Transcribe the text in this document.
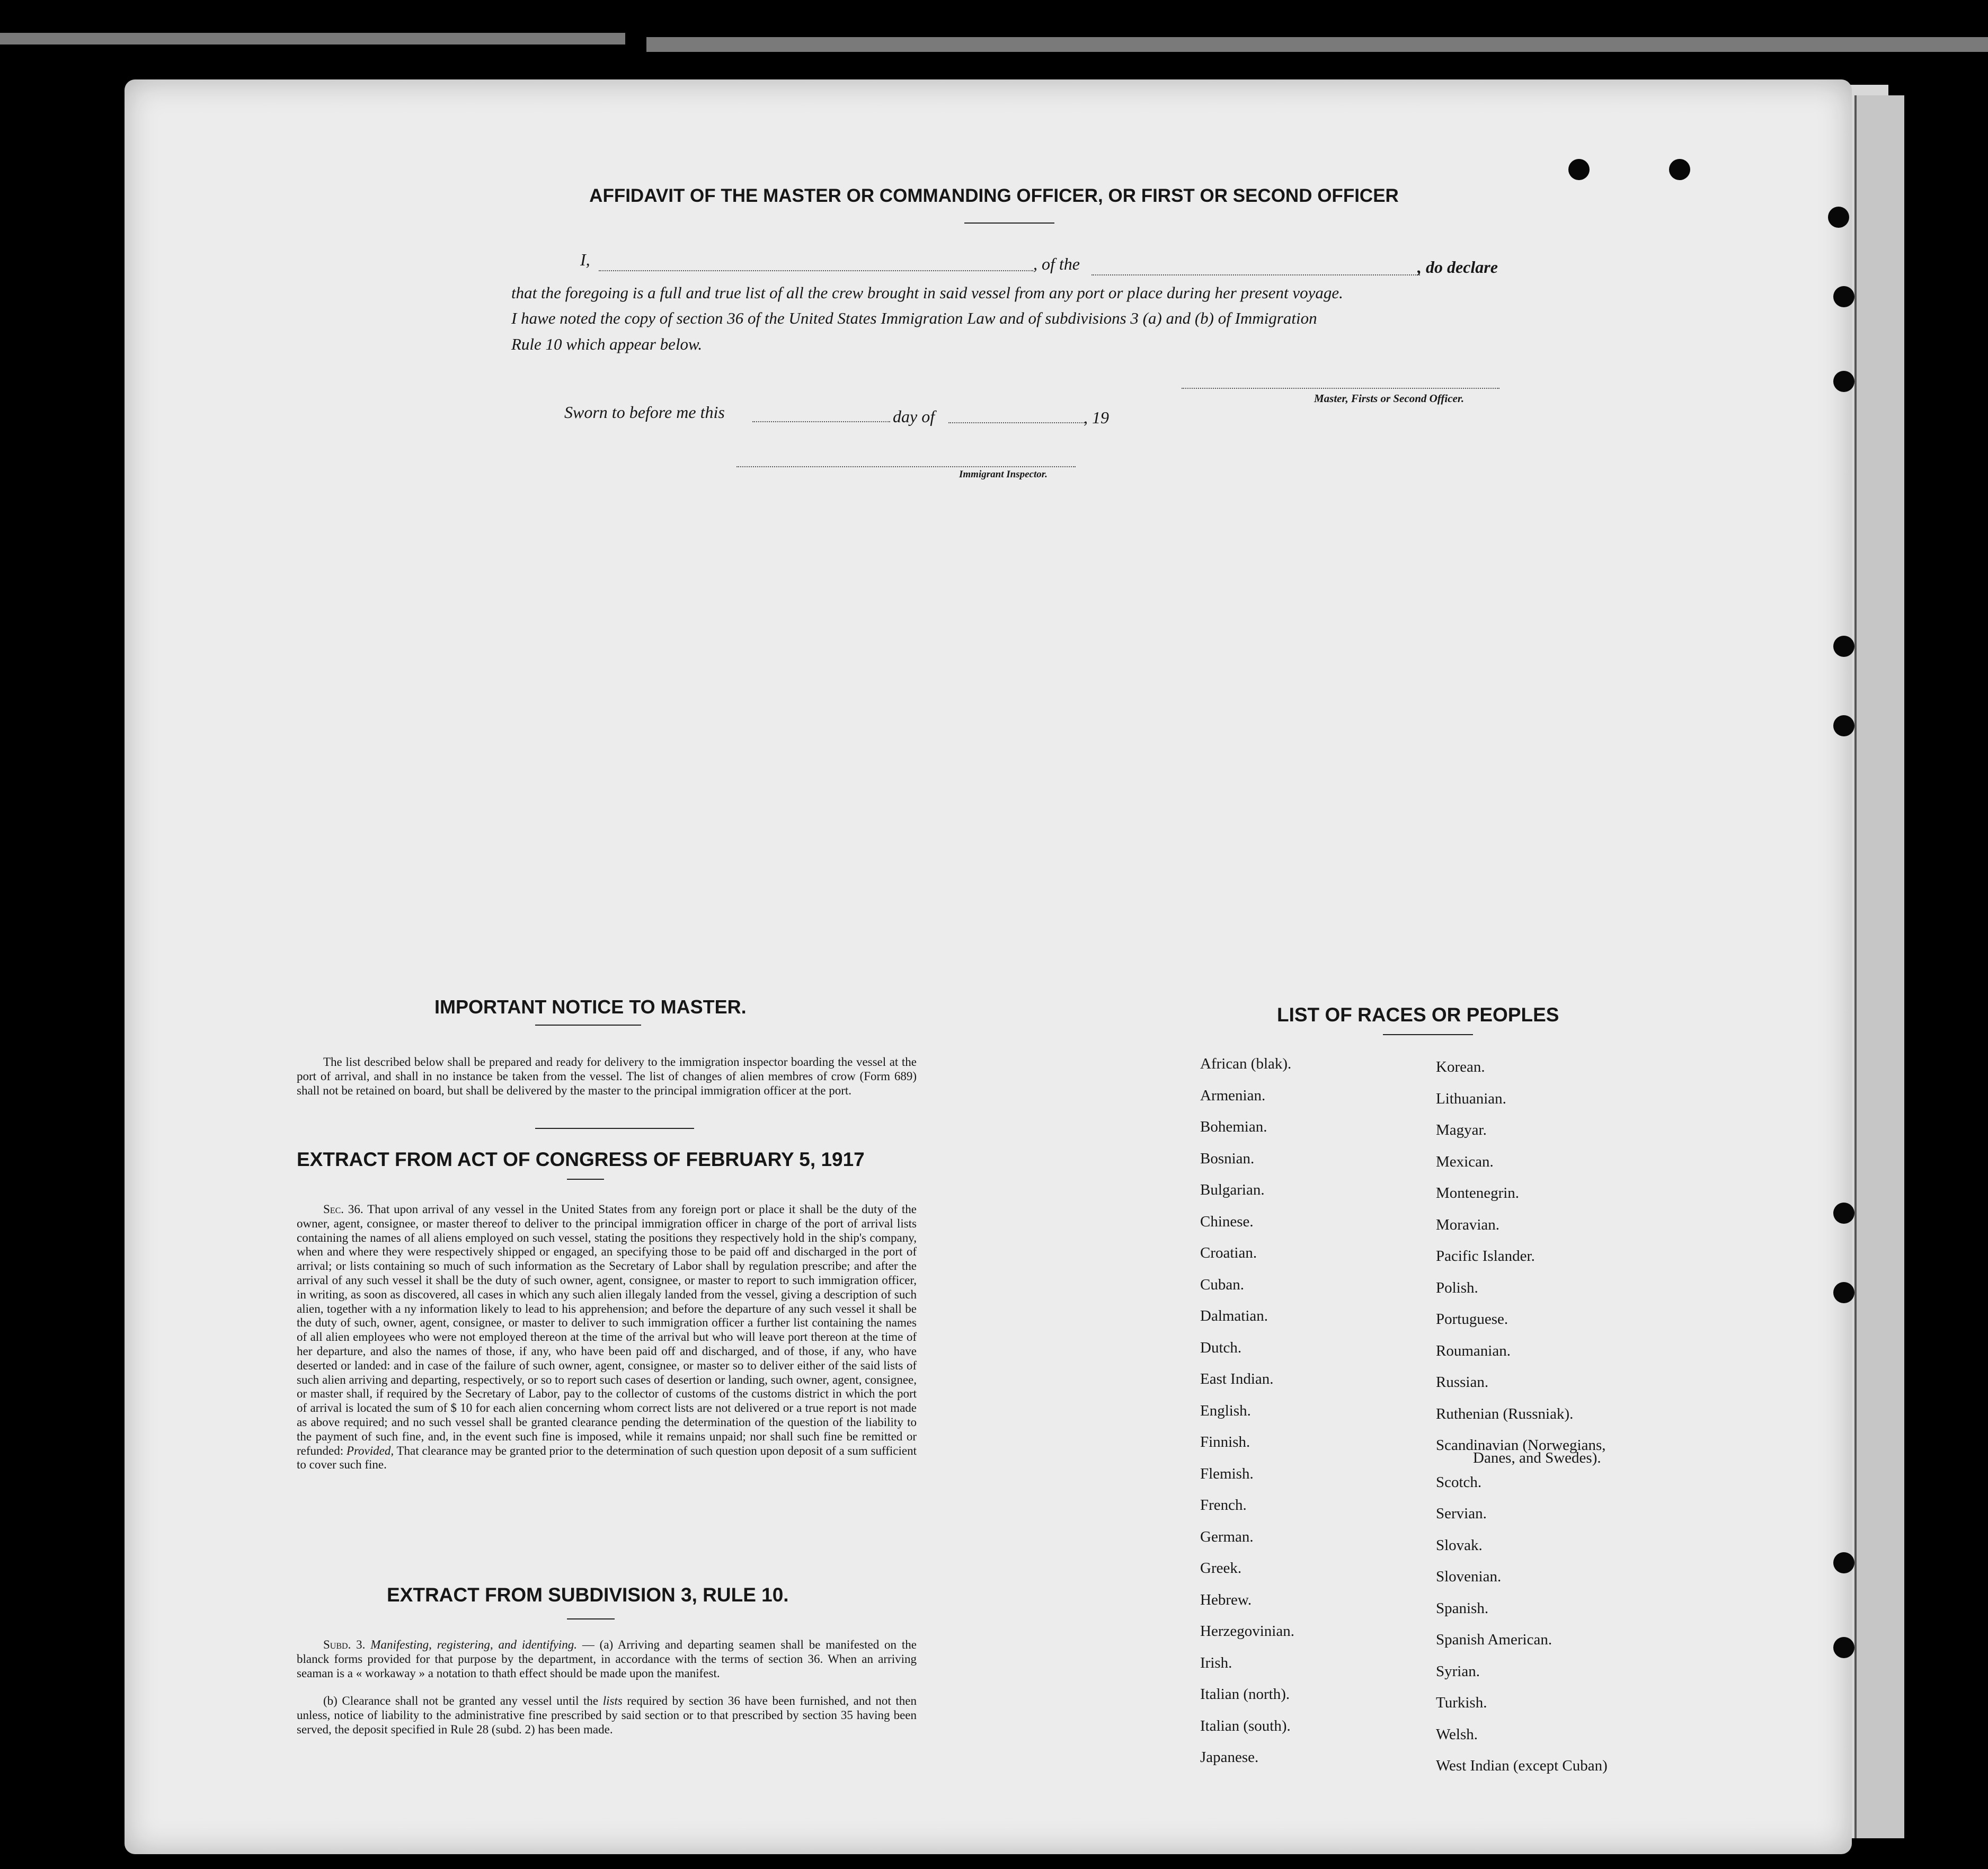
AFFIDAVIT OF THE MASTER OR COMMANDING OFFICER, OR FIRST OR SECOND OFFICER
I,	, of the	, do declare
that the foregoing is a full and true list of all the crew brought in said vessel from any port or place during her present voyage.
I hawe noted the copy of section 36 of the United States Immigration Law and of subdivisions 3 (a) and (b) of Immigration
Rule 10 which appear below.
Master, Firsts or Second Officer.
Sworn to before me this	day of	, 19
Immigrant Inspector.
IMPORTANT NOTICE TO MASTER.
The list described below shall be prepared and ready for delivery to the immigration inspector boarding the vessel at the port of arrival, and shall in no instance be taken from the vessel. The list of changes of alien membres of crow (Form 689) shall not be retained on board, but shall be delivered by the master to the principal immigration officer at the port.
EXTRACT FROM ACT OF CONGRESS OF FEBRUARY 5, 1917
Sec. 36. That upon arrival of any vessel in the United States from any foreign port or place it shall be the duty of the owner, agent, consignee, or master thereof to deliver to the principal immigration officer in charge of the port of arrival lists containing the names of all aliens employed on such vessel, stating the positions they respectively hold in the ship's company, when and where they were respectively shipped or engaged, an specifying those to be paid off and discharged in the port of arrival; or lists containing so much of such information as the Secretary of Labor shall by regulation prescribe; and after the arrival of any such vessel it shall be the duty of such owner, agent, consignee, or master to report to such immigration officer, in writing, as soon as discovered, all cases in which any such alien illegaly landed from the vessel, giving a description of such alien, together with a ny information likely to lead to his apprehension; and before the departure of any such vessel it shall be the duty of such, owner, agent, consignee, or master to deliver to such immigration officer a further list containing the names of all alien employees who were not employed thereon at the time of the arrival but who will leave port thereon at the time of her departure, and also the names of those, if any, who have been paid off and discharged, and of those, if any, who have deserted or landed: and in case of the failure of such owner, agent, consignee, or master so to deliver either of the said lists of such alien arriving and departing, respectively, or so to report such cases of desertion or landing, such owner, agent, consignee, or master shall, if required by the Secretary of Labor, pay to the collector of customs of the customs district in which the port of arrival is located the sum of $ 10 for each alien concerning whom correct lists are not delivered or a true report is not made as above required; and no such vessel shall be granted clearance pending the determination of the question of the liability to the payment of such fine, and, in the event such fine is imposed, while it remains unpaid; nor shall such fine be remitted or refunded: Provided, That clearance may be granted prior to the determination of such question upon deposit of a sum sufficient to cover such fine.
EXTRACT FROM SUBDIVISION 3, RULE 10.
Subd. 3. Manifesting, registering, and identifying. — (a) Arriving and departing seamen shall be manifested on the blanck forms provided for that purpose by the department, in accordance with the terms of section 36. When an arriving seaman is a « workaway » a notation to thath effect should be made upon the manifest.
(b) Clearance shall not be granted any vessel until the lists required by section 36 have been furnished, and not then unless, notice of liability to the administrative fine prescribed by said section or to that prescribed by section 35 having been served, the deposit specified in Rule 28 (subd. 2) has been made.
LIST OF RACES OR PEOPLES
African (blak).
Armenian.
Bohemian.
Bosnian.
Bulgarian.
Chinese.
Croatian.
Cuban.
Dalmatian.
Dutch.
East Indian.
English.
Finnish.
Flemish.
French.
German.
Greek.
Hebrew.
Herzegovinian.
Irish.
Italian (north).
Italian (south).
Japanese.
Korean.
Lithuanian.
Magyar.
Mexican.
Montenegrin.
Moravian.
Pacific Islander.
Polish.
Portuguese.
Roumanian.
Russian.
Ruthenian (Russniak).
Scandinavian (Norwegians,
Danes, and Swedes).
Scotch.
Servian.
Slovak.
Slovenian.
Spanish.
Spanish American.
Syrian.
Turkish.
Welsh.
West Indian (except Cuban)
